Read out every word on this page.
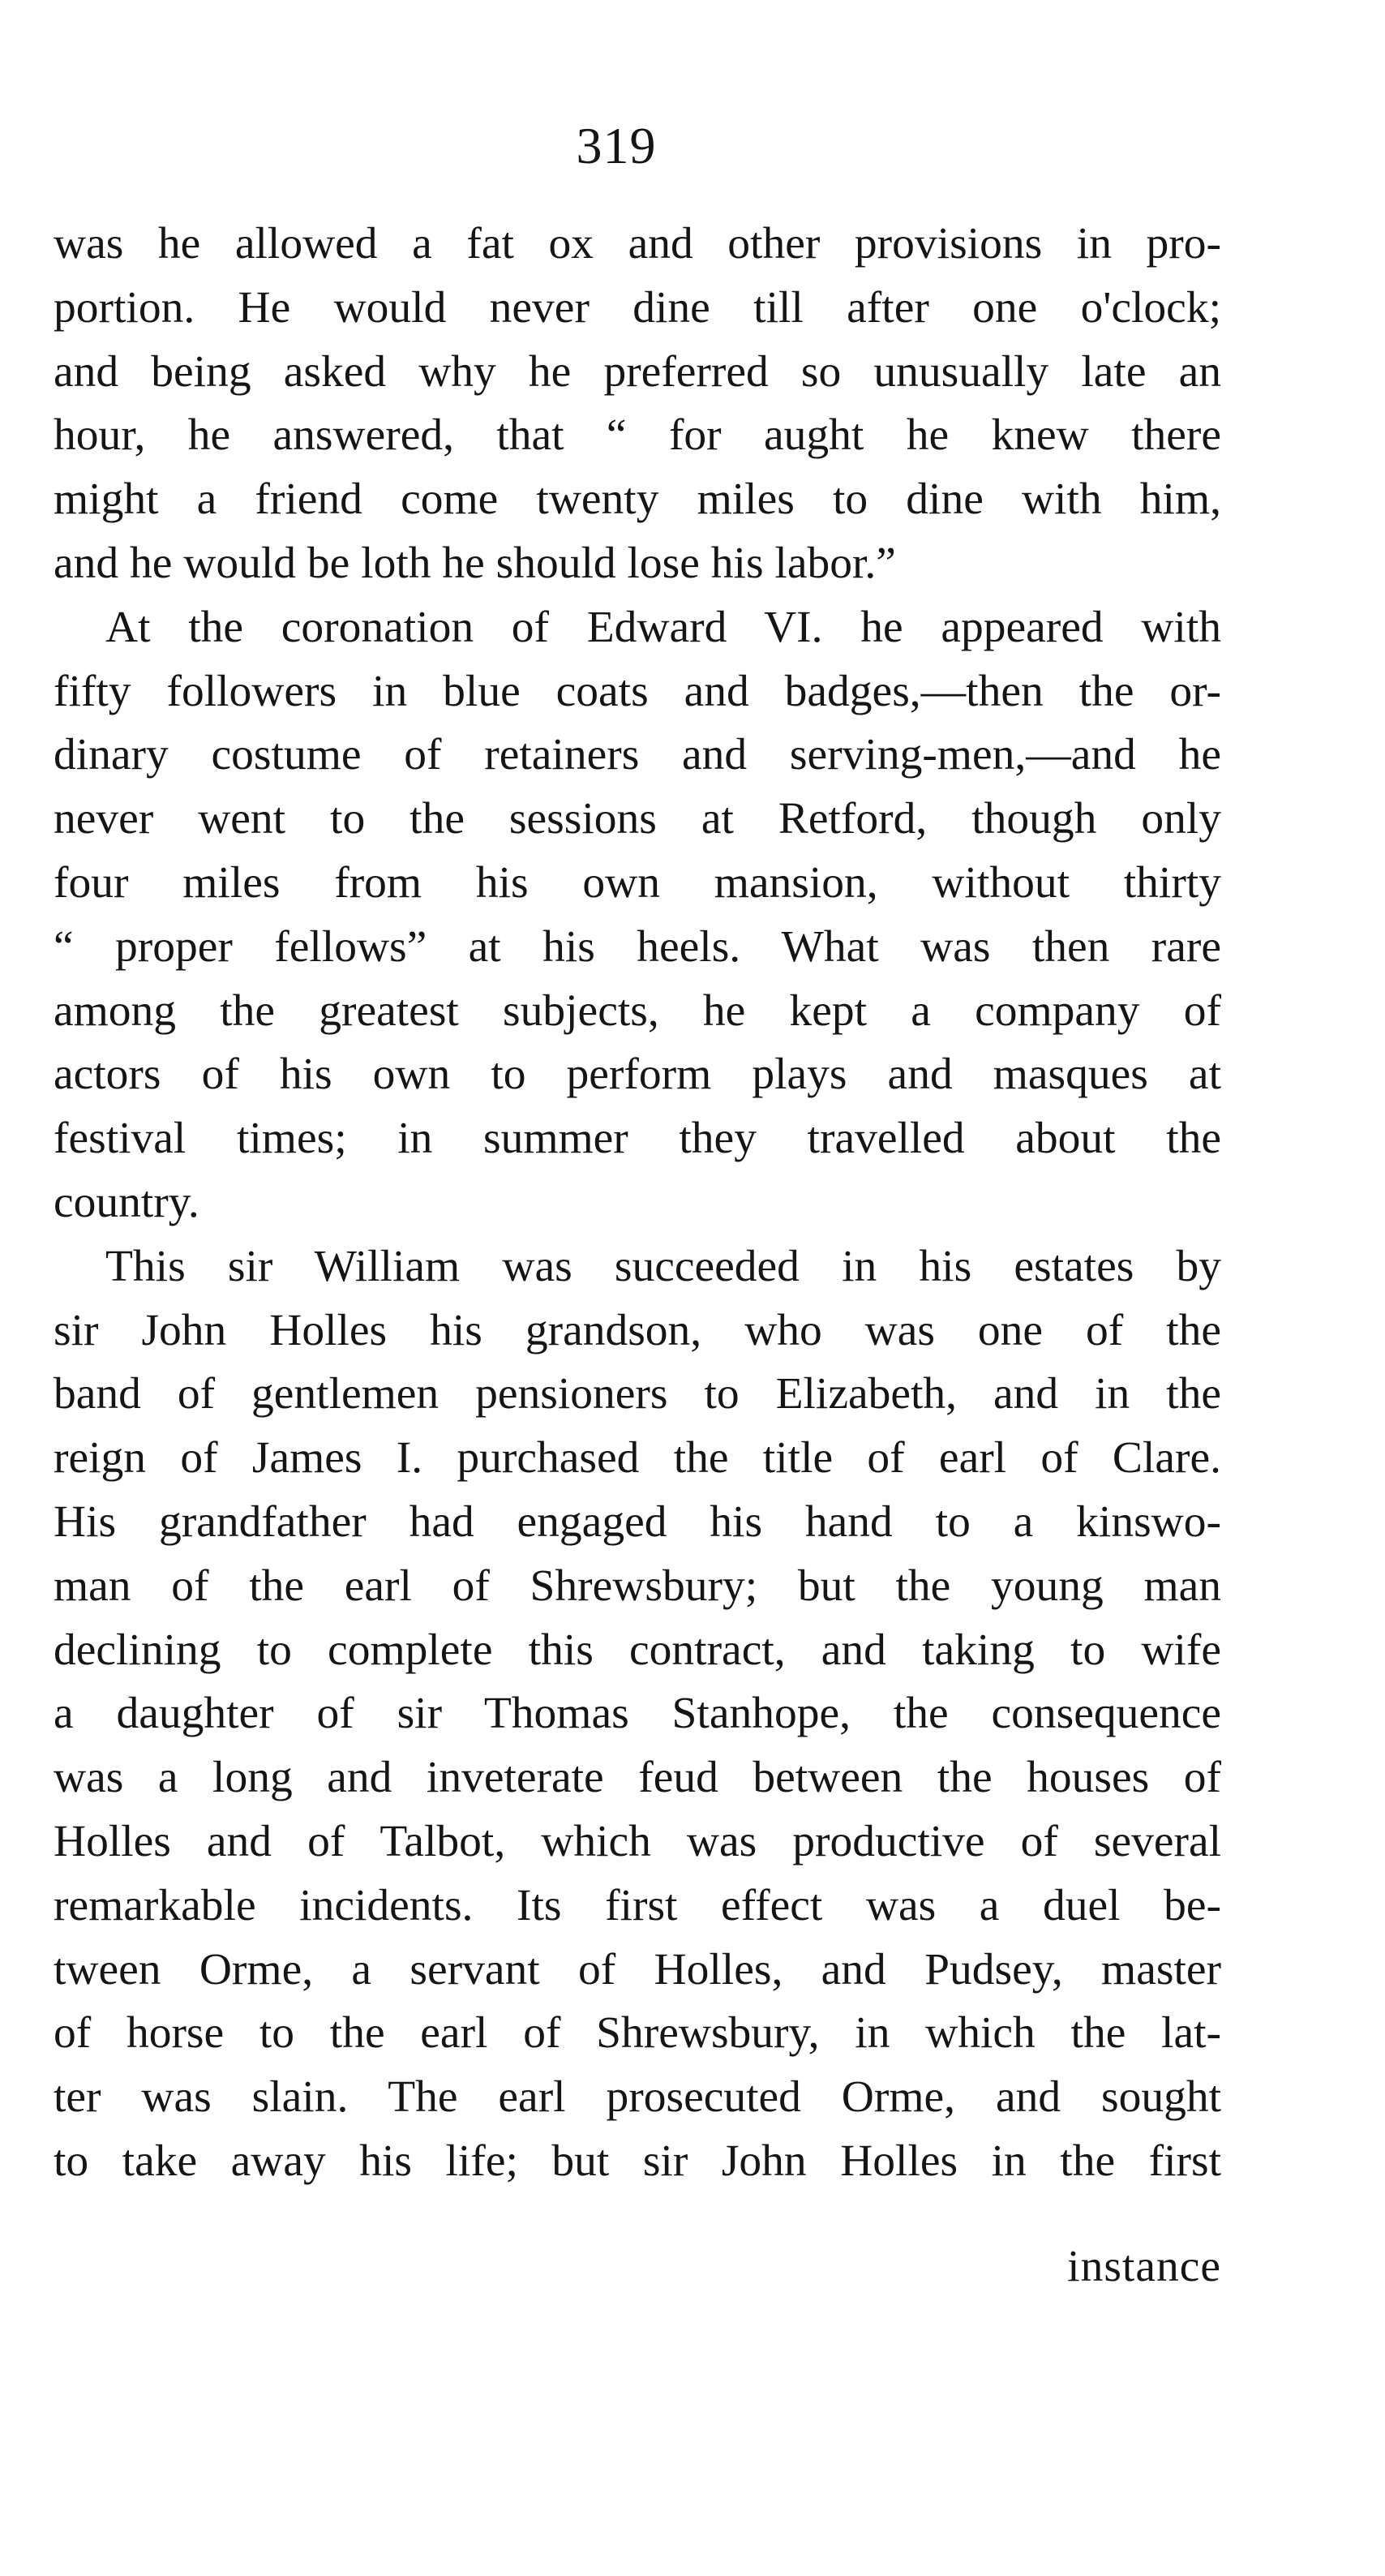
319
was he allowed a fat ox and other provisions in pro-
portion. He would never dine till after one o'clock;
and being asked why he preferred so unusually late an
hour, he answered, that “ for aught he knew there
might a friend come twenty miles to dine with him,
and he would be loth he should lose his labor.”
At the coronation of Edward VI. he appeared with
fifty followers in blue coats and badges,—then the or-
dinary costume of retainers and serving-men,—and he
never went to the sessions at Retford, though only
four miles from his own mansion, without thirty
“ proper fellows” at his heels. What was then rare
among the greatest subjects, he kept a company of
actors of his own to perform plays and masques at
festival times; in summer they travelled about the
country.
This sir William was succeeded in his estates by
sir John Holles his grandson, who was one of the
band of gentlemen pensioners to Elizabeth, and in the
reign of James I. purchased the title of earl of Clare.
His grandfather had engaged his hand to a kinswo-
man of the earl of Shrewsbury; but the young man
declining to complete this contract, and taking to wife
a daughter of sir Thomas Stanhope, the consequence
was a long and inveterate feud between the houses of
Holles and of Talbot, which was productive of several
remarkable incidents. Its first effect was a duel be-
tween Orme, a servant of Holles, and Pudsey, master
of horse to the earl of Shrewsbury, in which the lat-
ter was slain. The earl prosecuted Orme, and sought
to take away his life; but sir John Holles in the first
instance
